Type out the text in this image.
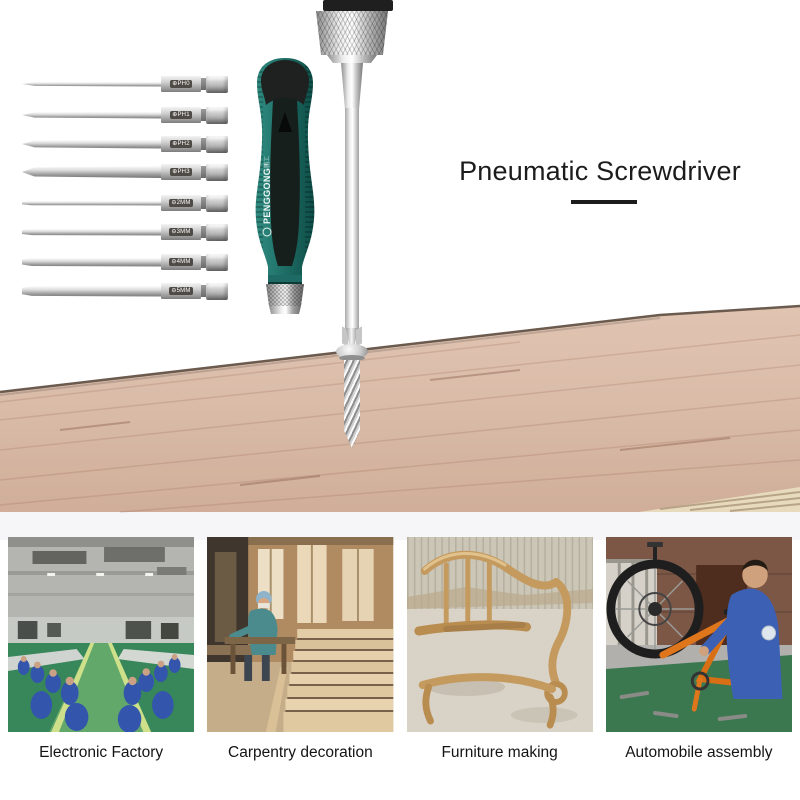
⊕PH0
⊕PH1
⊕PH2
⊕PH3
⊖2MM
⊖3MM
⊖4MM
⊖5MM
PENGGONG
鹏工	Pneumatic Screwdriver
Electronic Factory	Carpentry decoration	Furniture making	Automobile assembly
